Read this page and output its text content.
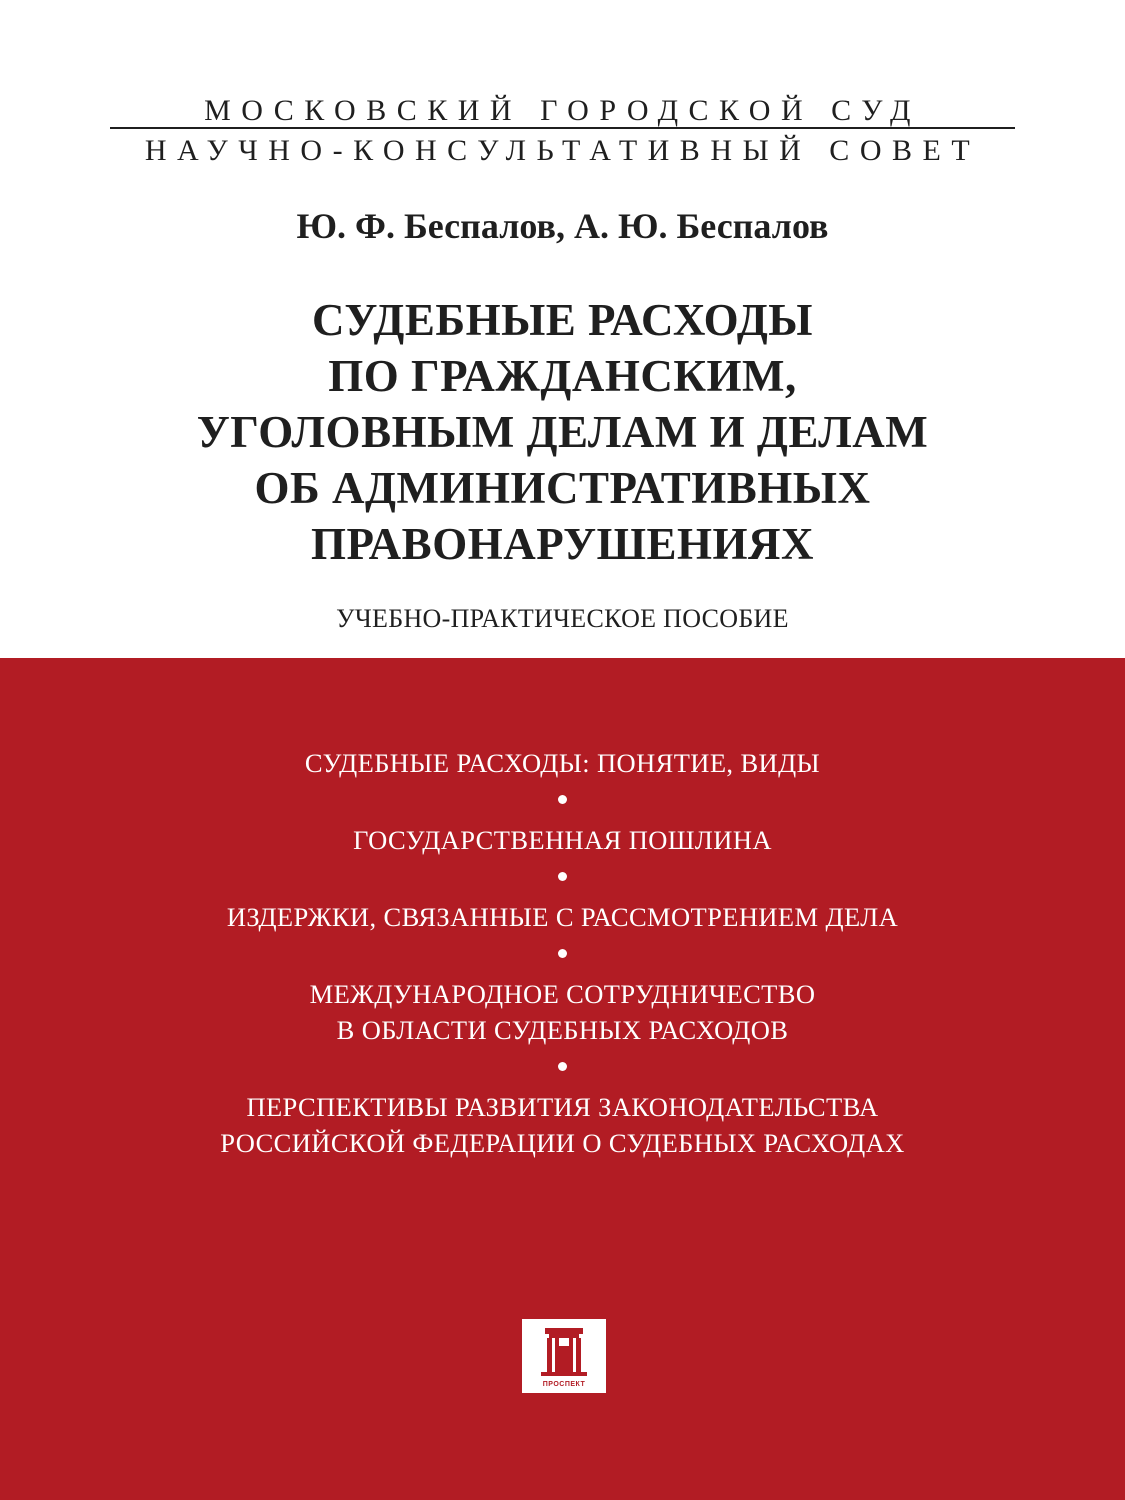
МОСКОВСКИЙ ГОРОДСКОЙ СУД
НАУЧНО-КОНСУЛЬТАТИВНЫЙ СОВЕТ
Ю. Ф. Беспалов, А. Ю. Беспалов
СУДЕБНЫЕ РАСХОДЫ
ПО ГРАЖДАНСКИМ,
УГОЛОВНЫМ ДЕЛАМ И ДЕЛАМ
ОБ АДМИНИСТРАТИВНЫХ
ПРАВОНАРУШЕНИЯХ
УЧЕБНО-ПРАКТИЧЕСКОЕ ПОСОБИЕ
СУДЕБНЫЕ РАСХОДЫ: ПОНЯТИЕ, ВИДЫ
ГОСУДАРСТВЕННАЯ ПОШЛИНА
ИЗДЕРЖКИ, СВЯЗАННЫЕ С РАССМОТРЕНИЕМ ДЕЛА
МЕЖДУНАРОДНОЕ СОТРУДНИЧЕСТВО
В ОБЛАСТИ СУДЕБНЫХ РАСХОДОВ
ПЕРСПЕКТИВЫ РАЗВИТИЯ ЗАКОНОДАТЕЛЬСТВА
РОССИЙСКОЙ ФЕДЕРАЦИИ О СУДЕБНЫХ РАСХОДАХ
ПРОСПЕКТ
